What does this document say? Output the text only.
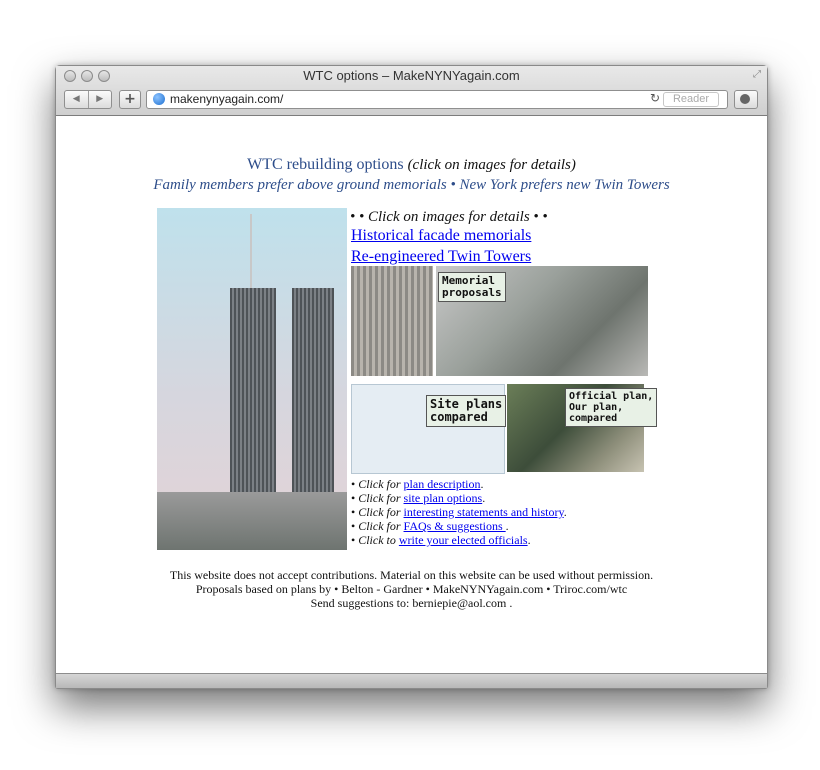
WTC options – MakeNYNYagain.com	⤢
◀	▶	+	makenynyagain.com/	↻	Reader
WTC rebuilding options (click on images for details)
Family members prefer above ground memorials • New York prefers new Twin Towers
• • Click on images for details • •
Historical facade memorials
Re-engineered Twin Towers
Memorial
proposals
Site plans
compared
Official plan,
Our plan,
compared
• Click for plan description.
• Click for site plan options.
• Click for interesting statements and history.
• Click for FAQs & suggestions .
• Click to write your elected officials.
This website does not accept contributions. Material on this website can be used without permission.
Proposals based on plans by • Belton - Gardner • MakeNYNYagain.com • Triroc.com/wtc
Send suggestions to: berniepie@aol.com .
